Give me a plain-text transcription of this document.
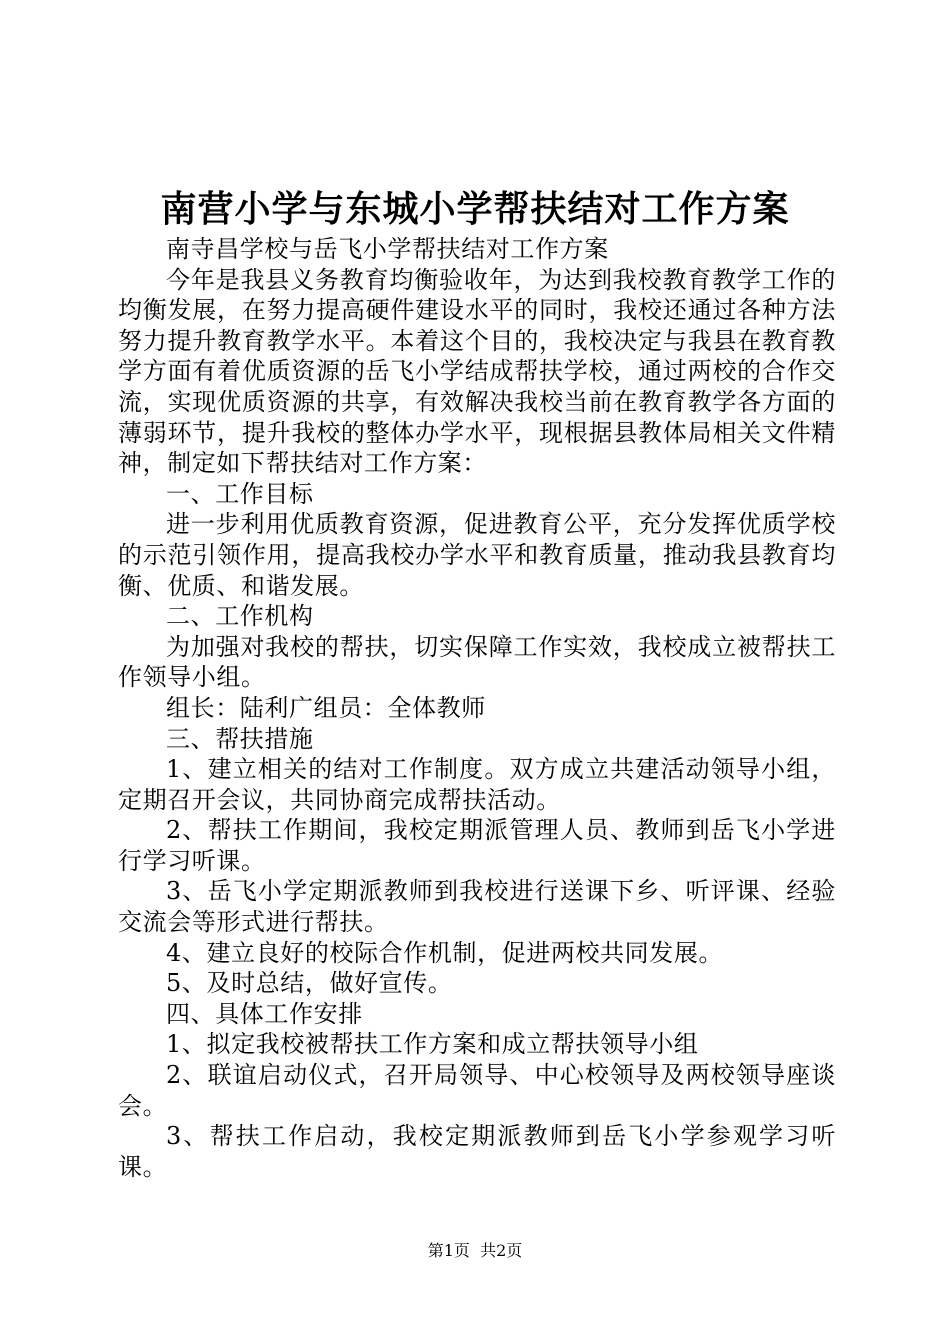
南营小学与东城小学帮扶结对工作方案

南寺昌学校与岳飞小学帮扶结对工作方案

今年是我县义务教育均衡验收年，为达到我校教育教学工作的均衡发展，在努力提高硬件建设水平的同时，我校还通过各种方法努力提升教育教学水平。本着这个目的，我校决定与我县在教育教学方面有着优质资源的岳飞小学结成帮扶学校，通过两校的合作交流，实现优质资源的共享，有效解决我校当前在教育教学各方面的薄弱环节，提升我校的整体办学水平，现根据县教体局相关文件精神，制定如下帮扶结对工作方案：

一、工作目标

进一步利用优质教育资源，促进教育公平，充分发挥优质学校的示范引领作用，提高我校办学水平和教育质量，推动我县教育均衡、优质、和谐发展。

二、工作机构

为加强对我校的帮扶，切实保障工作实效，我校成立被帮扶工作领导小组。

组长：陆利广组员：全体教师

三、帮扶措施

1、建立相关的结对工作制度。双方成立共建活动领导小组，定期召开会议，共同协商完成帮扶活动。

2、帮扶工作期间，我校定期派管理人员、教师到岳飞小学进行学习听课。

3、岳飞小学定期派教师到我校进行送课下乡、听评课、经验交流会等形式进行帮扶。

4、建立良好的校际合作机制，促进两校共同发展。

5、及时总结，做好宣传。

四、具体工作安排

1、拟定我校被帮扶工作方案和成立帮扶领导小组

2、联谊启动仪式，召开局领导、中心校领导及两校领导座谈会。

3、帮扶工作启动，我校定期派教师到岳飞小学参观学习听课。

第1页 共2页
